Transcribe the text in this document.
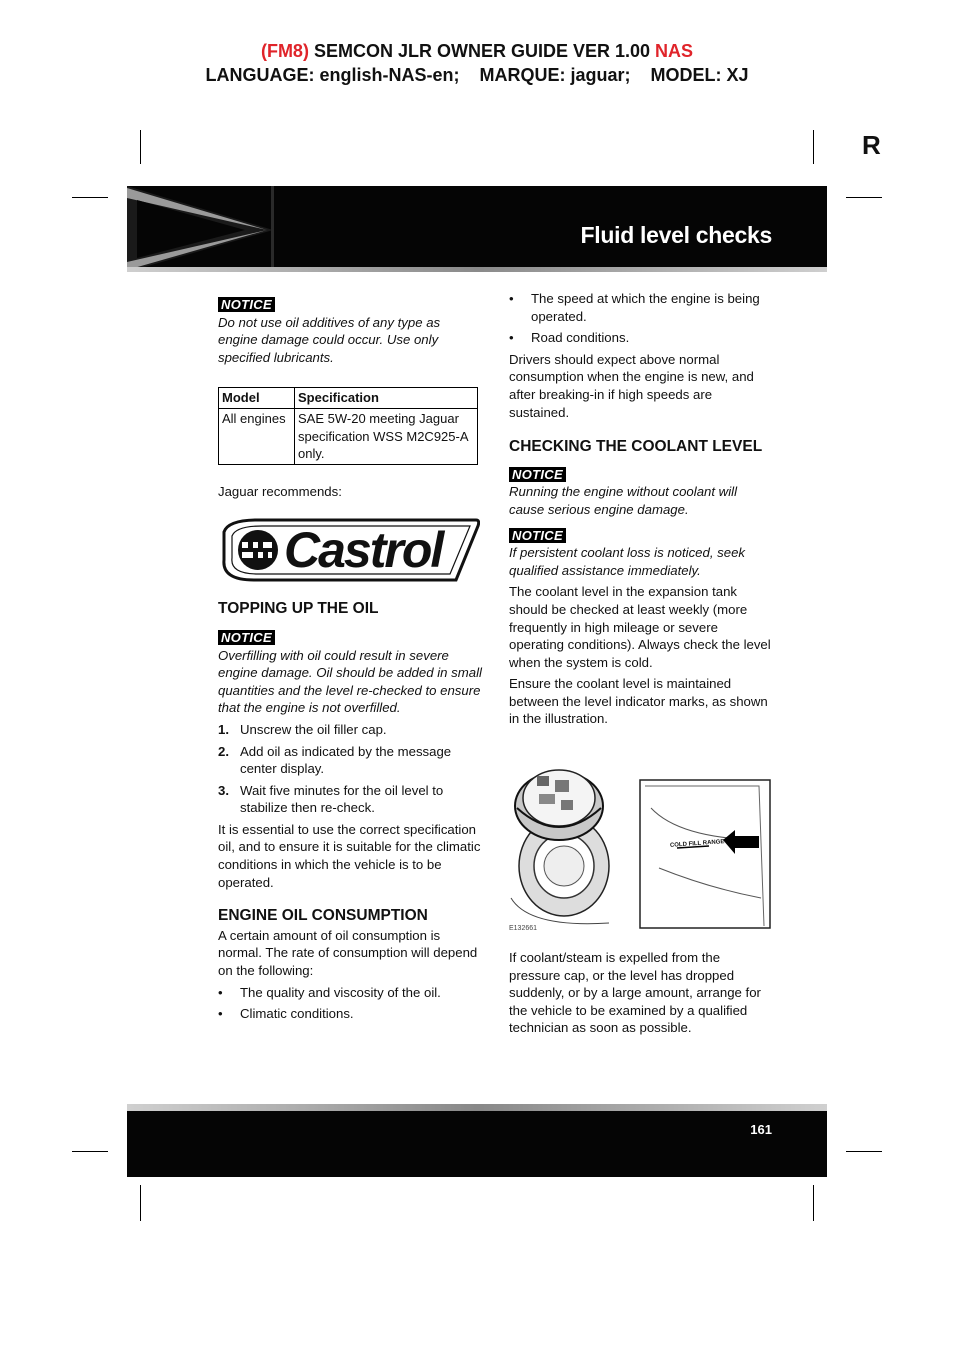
(FM8) SEMCON JLR OWNER GUIDE VER 1.00 NAS
LANGUAGE: english-NAS-en;    MARQUE: jaguar;    MODEL: XJ
R
Fluid level checks
NOTICE

Do not use oil additives of any type as engine damage could occur. Use only specified lubricants.

Model	Specification
All engines	SAE 5W-20 meeting Jaguar specification WSS M2C925-A only.

Jaguar recommends:

Castrol

TOPPING UP THE OIL

NOTICE

Overfilling with oil could result in severe engine damage. Oil should be added in small quantities and the level re-checked to ensure that the engine is not overfilled.

1. Unscrew the oil filler cap.
2. Add oil as indicated by the message center display.
3. Wait five minutes for the oil level to stabilize then re-check.

It is essential to use the correct specification oil, and to ensure it is suitable for the climatic conditions in which the vehicle is to be operated.

ENGINE OIL CONSUMPTION

A certain amount of oil consumption is normal. The rate of consumption will depend on the following:

• The quality and viscosity of the oil.
• Climatic conditions.
• The speed at which the engine is being operated.
• Road conditions.

Drivers should expect above normal consumption when the engine is new, and after breaking-in if high speeds are sustained.

CHECKING THE COOLANT LEVEL

NOTICE

Running the engine without coolant will cause serious engine damage.

NOTICE

If persistent coolant loss is noticed, seek qualified assistance immediately.

The coolant level in the expansion tank should be checked at least weekly (more frequently in high mileage or severe operating conditions). Always check the level when the system is cold.

Ensure the coolant level is maintained between the level indicator marks, as shown in the illustration.

COLD FILL RANGE
E132661

If coolant/steam is expelled from the pressure cap, or the level has dropped suddenly, or by a large amount, arrange for the vehicle to be examined by a qualified technician as soon as possible.

161
